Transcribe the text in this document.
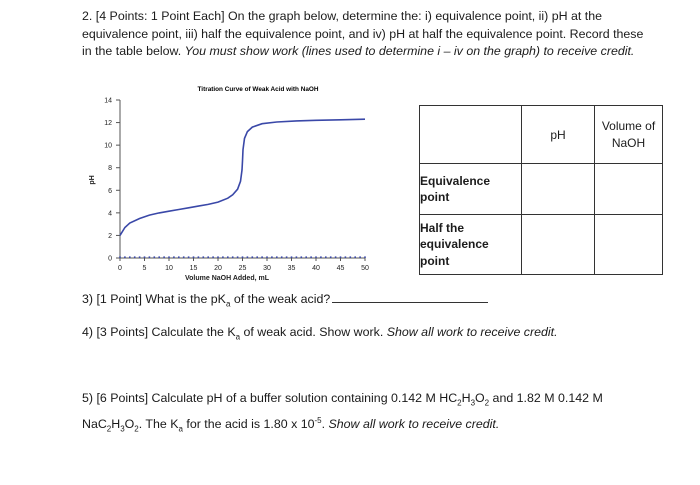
2. [4 Points: 1 Point Each] On the graph below, determine the: i) equivalence point, ii) pH at the equivalence point, iii) half the equivalence point, and iv) pH at half the equivalence point. Record these in the table below. You must show work (lines used to determine i – iv on the graph) to receive credit.
Titration Curve of Weak Acid with NaOH
0
2
4
6
8
10
12
14
0	5	10 15 20 25 30 35 40 45 50
pH
Volume NaOH Added, mL
	pH	Volume of NaOH
Equivalence point		
Half the equivalence point		
3) [1 Point] What is the $pK_a$ of the weak acid?
4) [3 Points] Calculate the $K_a$ of weak acid. Show work. Show all work to receive credit.
5) [6 Points] Calculate pH of a buffer solution containing 0.142 M $HC_2H_3O_2$ and 1.82 M 0.142 M $NaC_2H_3O_2$. The $K_a$ for the acid is 1.80 x $10^{-5}$. Show all work to receive credit.
